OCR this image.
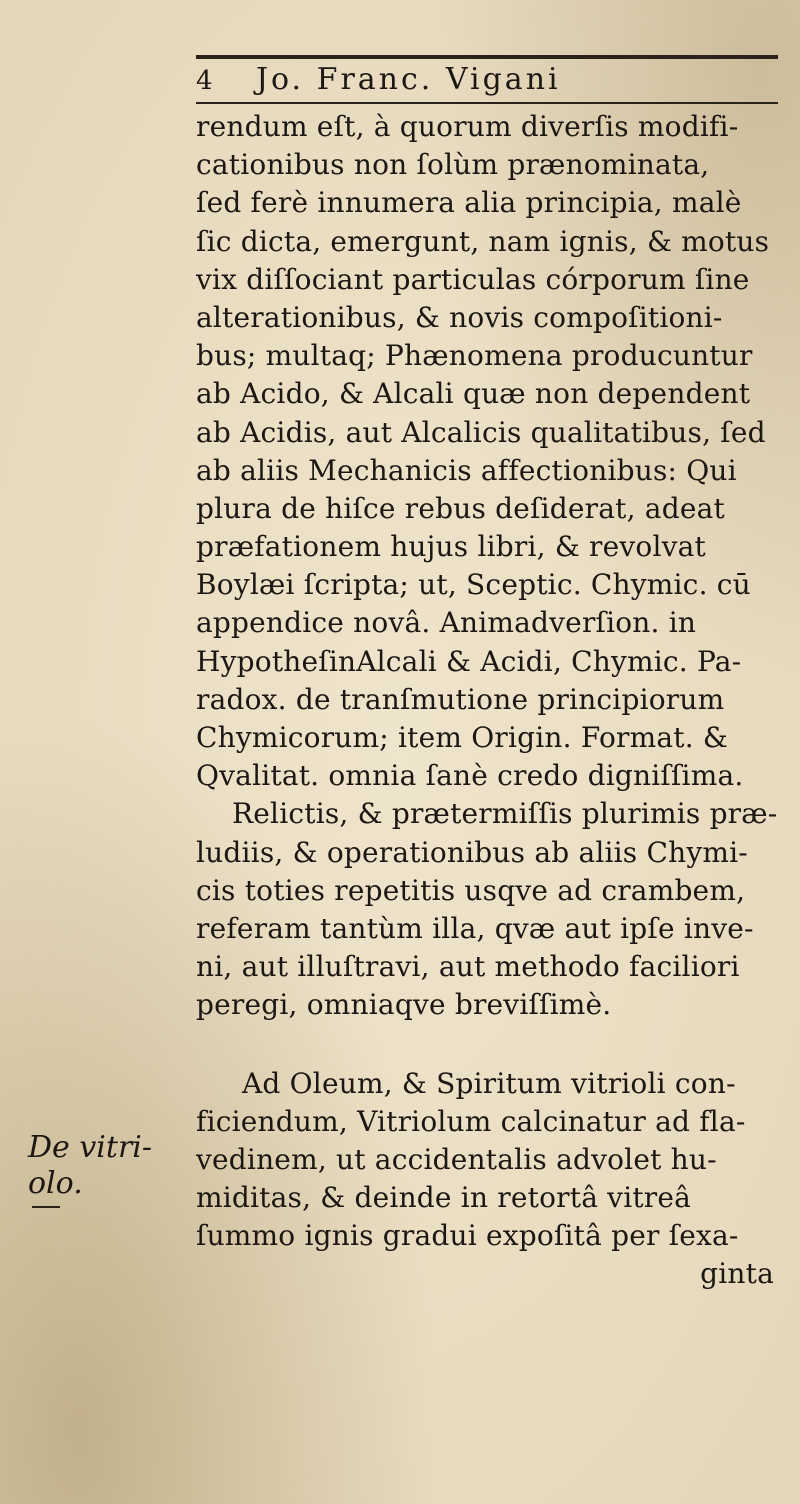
4	Jo. Franc. Vigani
rendum eſt, à quorum diverſis modifi-
cationibus non ſolùm prænominata,
ſed ferè innumera alia principia, malè
ſic dicta, emergunt, nam ignis, & motus
vix diſſociant particulas córporum ſine
alterationibus, & novis compoſitioni-
bus; multaq; Phænomena producuntur
ab Acido, & Alcali quæ non dependent
ab Acidis, aut Alcalicis qualitatibus, ſed
ab aliis Mechanicis affectionibus: Qui
plura de hiſce rebus deſiderat, adeat
præfationem hujus libri, & revolvat
Boylæi ſcripta; ut, Sceptic. Chymic. cū
appendice novâ. Animadverſion. in
HypotheſinAlcali & Acidi, Chymic. Pa-
radox. de tranſmutione principiorum
Chymicorum; item Origin. Format. &
Qvalitat. omnia ſanè credo digniſſima.
Relictis, & prætermiſſis plurimis præ-
ludiis, & operationibus ab aliis Chymi-
cis toties repetitis usqve ad crambem,
referam tantùm illa, qvæ aut ipſe inve-
ni, aut illuſtravi, aut methodo faciliori
peregi, omniaqve breviſſimè.
Ad Oleum, & Spiritum vitrioli con-
ficiendum, Vitriolum calcinatur ad fla-
vedinem, ut accidentalis advolet hu-
miditas, & deinde in retortâ vitreâ
ſummo ignis gradui expoſitâ per ſexa-
ginta
De vitri-
olo.
